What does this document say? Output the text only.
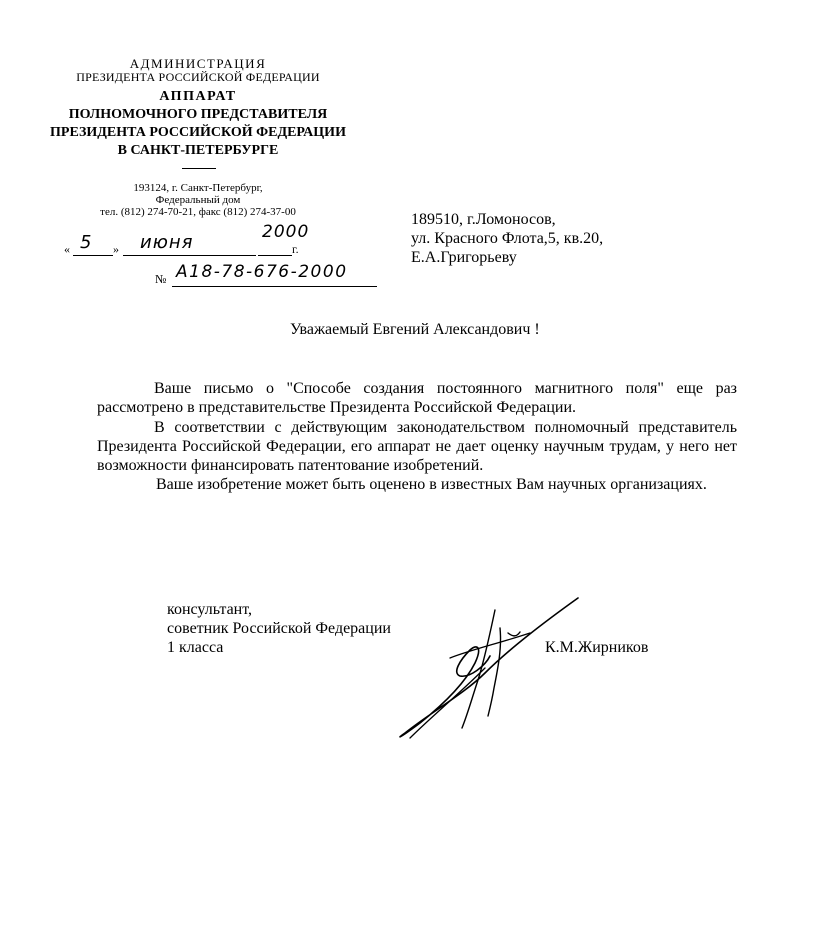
АДМИНИСТРАЦИЯ
ПРЕЗИДЕНТА РОССИЙСКОЙ ФЕДЕРАЦИИ
АППАРАТ
ПОЛНОМОЧНОГО ПРЕДСТАВИТЕЛЯ
ПРЕЗИДЕНТА РОССИЙСКОЙ ФЕДЕРАЦИИ
В САНКТ-ПЕТЕРБУРГЕ
193124, г. Санкт-Петербург,
Федеральный дом
тел. (812) 274-70-21, факс (812) 274-37-00
« 5 » июня	2000
г.
№ А18-78-676-2000
189510, г.Ломоносов,
ул. Красного Флота,5, кв.20,
Е.А.Григорьеву
Уважаемый Евгений Александович !
Ваше письмо о "Способе создания постоянного магнитного поля" еще раз рассмотрено в представительстве Президента Российской Федерации.
В соответствии с действующим законодательством полномочный представитель Президента Российской Федерации, его аппарат не дает оценку научным трудам, у него нет возможности финансировать патентование изобретений.
Ваше изобретение может быть оценено в известных Вам научных организациях.
консультант,
советник Российской Федерации
1 класса	К.М.Жирников
